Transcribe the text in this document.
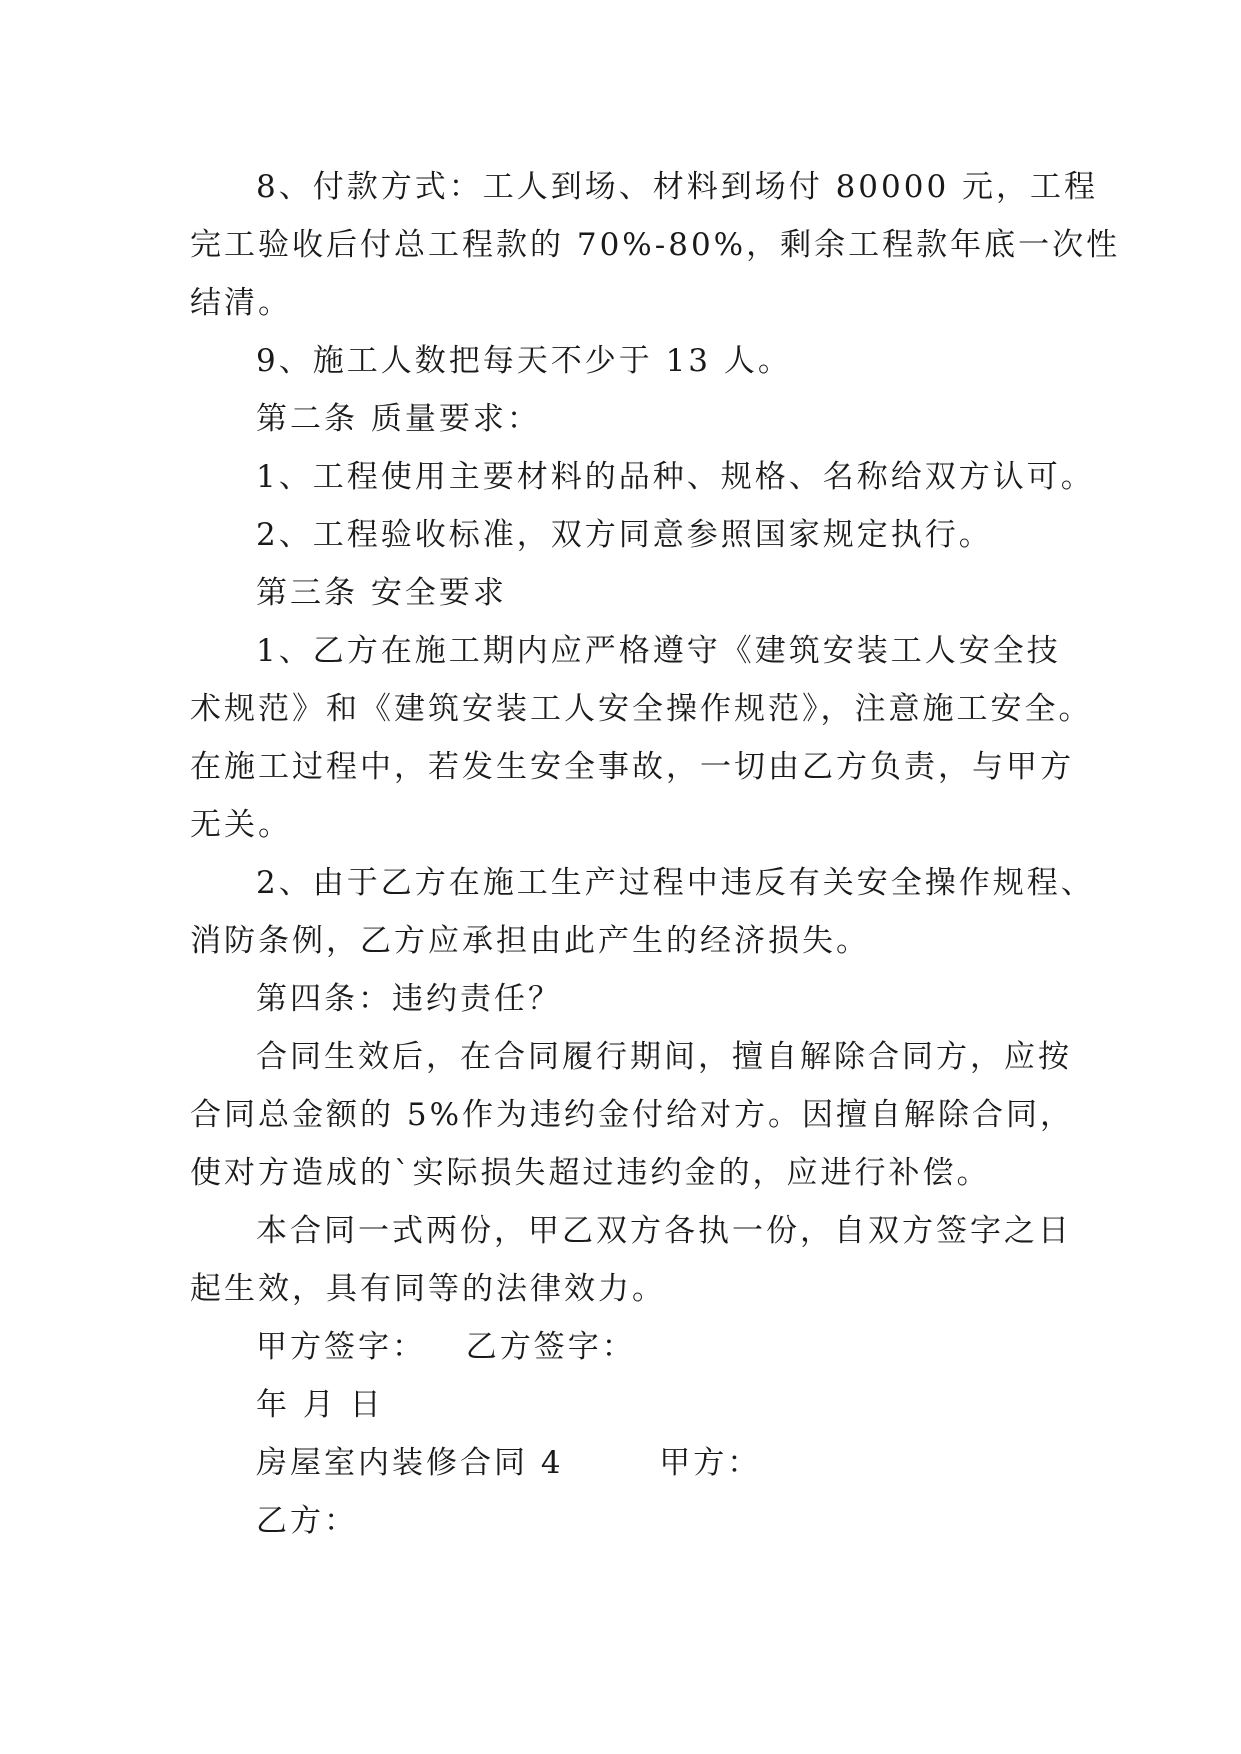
8、付款方式：工人到场、材料到场付 80000 元，工程
完工验收后付总工程款的 70%-80%，剩余工程款年底一次性
结清。
9、施工人数把每天不少于 13 人。
第二条 质量要求：
1、工程使用主要材料的品种、规格、名称给双方认可。
2、工程验收标准，双方同意参照国家规定执行。
第三条 安全要求
1、乙方在施工期内应严格遵守《建筑安装工人安全技
术规范》和《建筑安装工人安全操作规范》，注意施工安全。
在施工过程中，若发生安全事故，一切由乙方负责，与甲方
无关。
2、由于乙方在施工生产过程中违反有关安全操作规程、
消防条例，乙方应承担由此产生的经济损失。
第四条：违约责任？
合同生效后，在合同履行期间，擅自解除合同方，应按
合同总金额的 5%作为违约金付给对方。因擅自解除合同，
使对方造成的`实际损失超过违约金的，应进行补偿。
本合同一式两份，甲乙双方各执一份，自双方签字之日
起生效，具有同等的法律效力。
甲方签字： 乙方签字：
年 月 日
房屋室内装修合同 4	甲方：
乙方：
